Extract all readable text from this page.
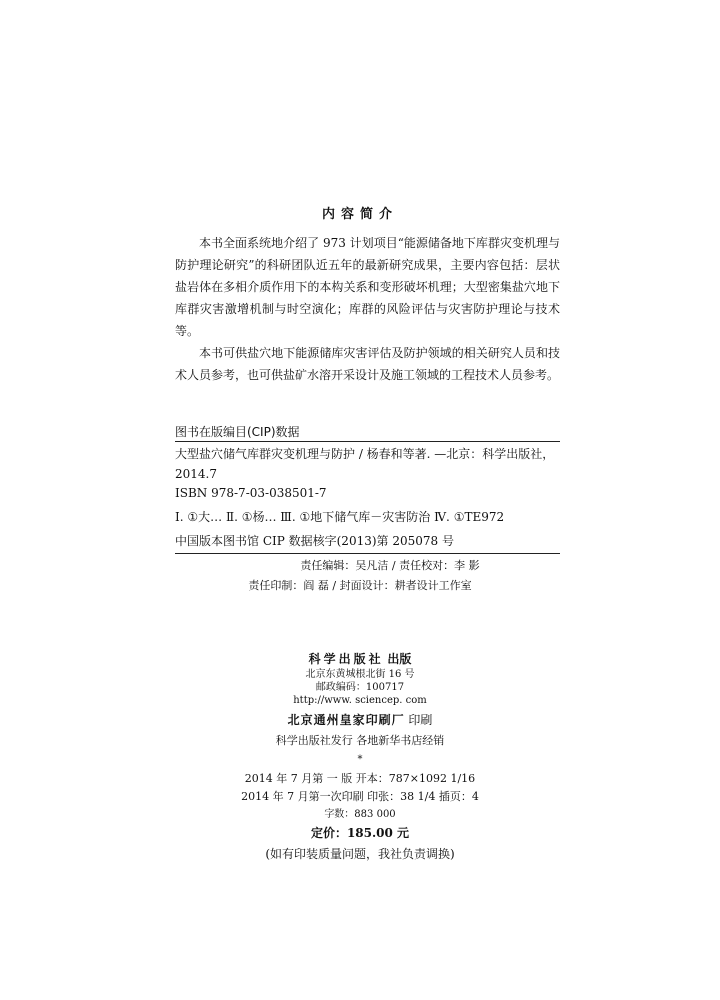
内容简介

本书全面系统地介绍了 973 计划项目“能源储备地下库群灾变机理与防护理论研究”的科研团队近五年的最新研究成果，主要内容包括：层状盐岩体在多相介质作用下的本构关系和变形破坏机理；大型密集盐穴地下库群灾害激增机制与时空演化；库群的风险评估与灾害防护理论与技术等。

本书可供盐穴地下能源储库灾害评估及防护领域的相关研究人员和技术人员参考，也可供盐矿水溶开采设计及施工领域的工程技术人员参考。

图书在版编目(CIP)数据
大型盐穴储气库群灾变机理与防护 / 杨春和等著. —北京：科学出版社，
2014.7
ISBN 978-7-03-038501-7
Ⅰ. ①大… Ⅱ. ①杨… Ⅲ. ①地下储气库－灾害防治 Ⅳ. ①TE972
中国版本图书馆 CIP 数据核字(2013)第 205078 号
责任编辑：吴凡洁 / 责任校对：李 影
责任印制：阎 磊 / 封面设计：耕者设计工作室
科学出版社 出版
北京东黄城根北街 16 号
邮政编码：100717
http://www. sciencep. com
北京通州皇家印刷厂 印刷
科学出版社发行 各地新华书店经销
*
2014 年 7 月第 一 版 开本：787×1092 1/16
2014 年 7 月第一次印刷 印张：38 1/4 插页：4
字数：883 000
定价：185.00 元
(如有印装质量问题，我社负责调换)
